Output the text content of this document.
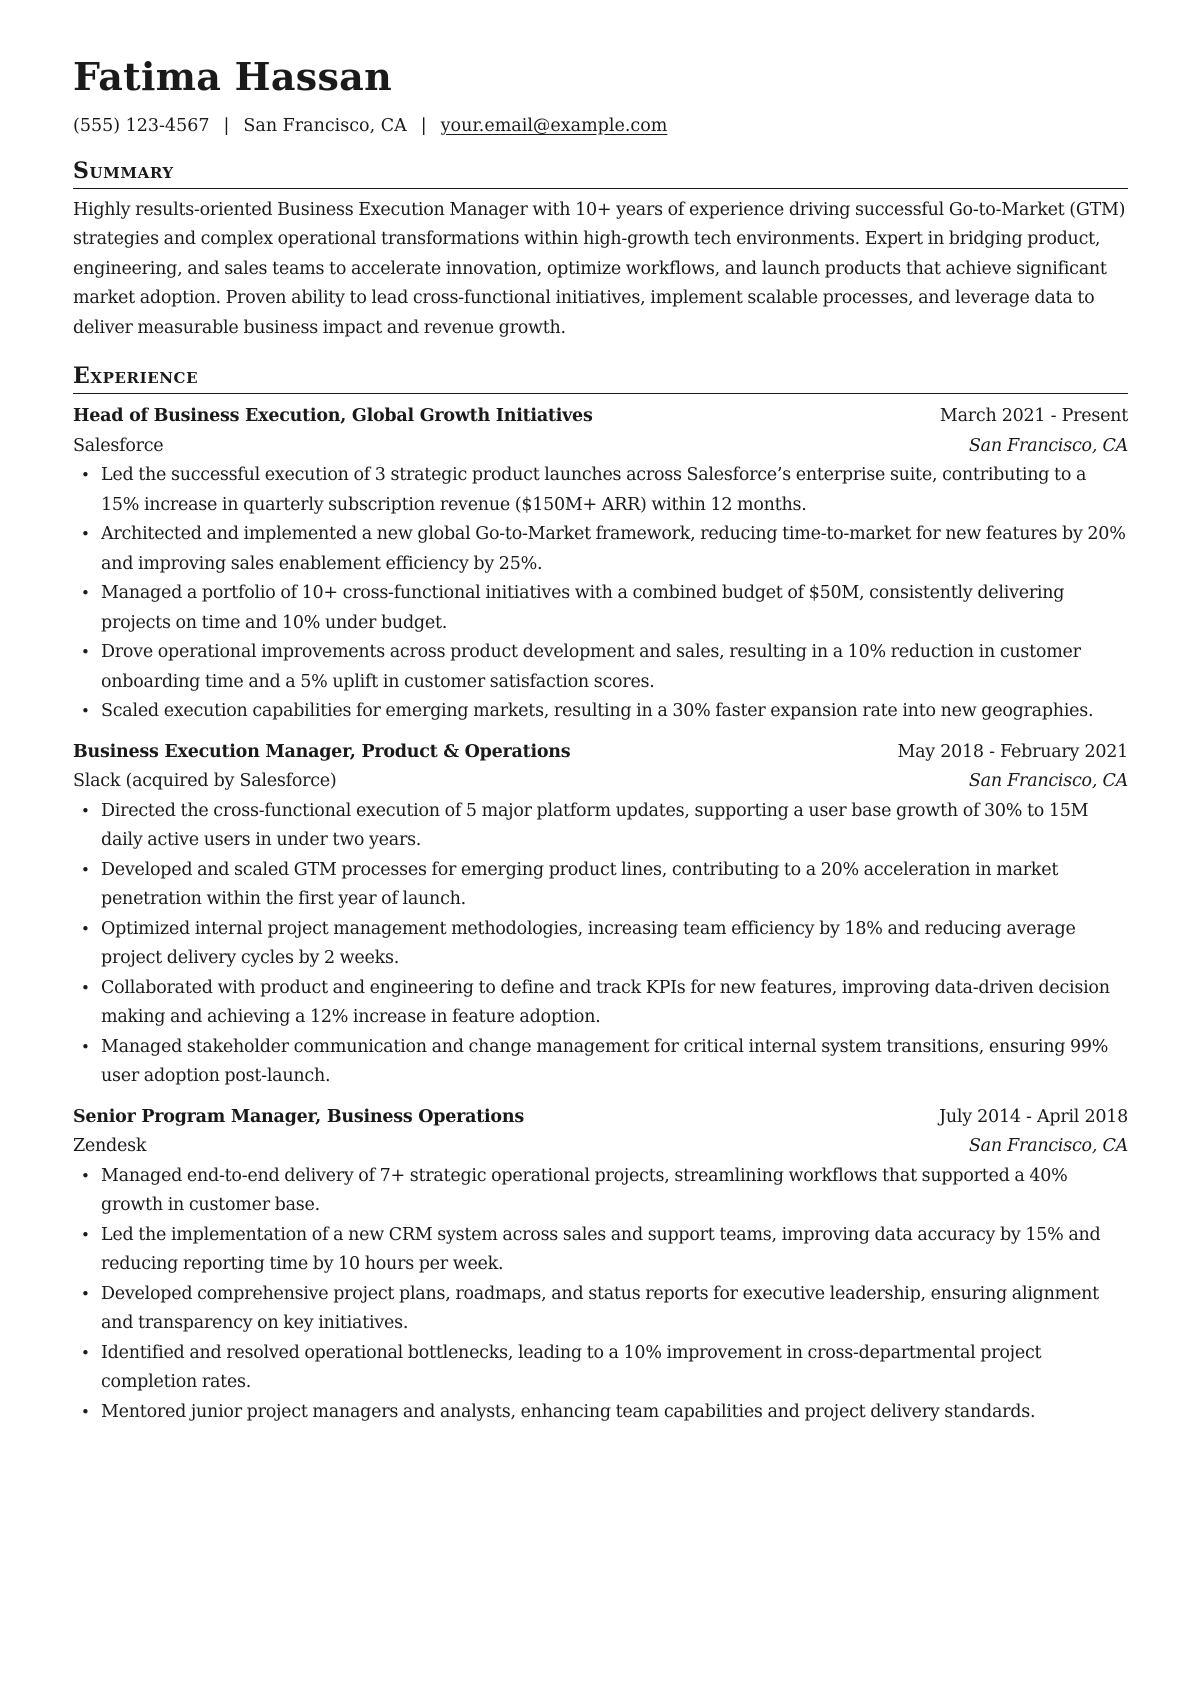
Fatima Hassan
(555) 123-4567 | San Francisco, CA | your.email@example.com
Summary
Highly results-oriented Business Execution Manager with 10+ years of experience driving successful Go-to-Market (GTM) strategies and complex operational transformations within high-growth tech environments. Expert in bridging product, engineering, and sales teams to accelerate innovation, optimize workflows, and launch products that achieve significant market adoption. Proven ability to lead cross-functional initiatives, implement scalable processes, and leverage data to deliver measurable business impact and revenue growth.
Experience
Head of Business Execution, Global Growth Initiatives	March 2021 - Present
Salesforce	San Francisco, CA
• Led the successful execution of 3 strategic product launches across Salesforce’s enterprise suite, contributing to a 15% increase in quarterly subscription revenue ($150M+ ARR) within 12 months.
• Architected and implemented a new global Go-to-Market framework, reducing time-to-market for new features by 20% and improving sales enablement efficiency by 25%.
• Managed a portfolio of 10+ cross-functional initiatives with a combined budget of $50M, consistently delivering projects on time and 10% under budget.
• Drove operational improvements across product development and sales, resulting in a 10% reduction in customer onboarding time and a 5% uplift in customer satisfaction scores.
• Scaled execution capabilities for emerging markets, resulting in a 30% faster expansion rate into new geographies.
Business Execution Manager, Product & Operations	May 2018 - February 2021
Slack (acquired by Salesforce)	San Francisco, CA
• Directed the cross-functional execution of 5 major platform updates, supporting a user base growth of 30% to 15M daily active users in under two years.
• Developed and scaled GTM processes for emerging product lines, contributing to a 20% acceleration in market penetration within the first year of launch.
• Optimized internal project management methodologies, increasing team efficiency by 18% and reducing average project delivery cycles by 2 weeks.
• Collaborated with product and engineering to define and track KPIs for new features, improving data-driven decision making and achieving a 12% increase in feature adoption.
• Managed stakeholder communication and change management for critical internal system transitions, ensuring 99% user adoption post-launch.
Senior Program Manager, Business Operations	July 2014 - April 2018
Zendesk	San Francisco, CA
• Managed end-to-end delivery of 7+ strategic operational projects, streamlining workflows that supported a 40% growth in customer base.
• Led the implementation of a new CRM system across sales and support teams, improving data accuracy by 15% and reducing reporting time by 10 hours per week.
• Developed comprehensive project plans, roadmaps, and status reports for executive leadership, ensuring alignment and transparency on key initiatives.
• Identified and resolved operational bottlenecks, leading to a 10% improvement in cross-departmental project completion rates.
• Mentored junior project managers and analysts, enhancing team capabilities and project delivery standards.
